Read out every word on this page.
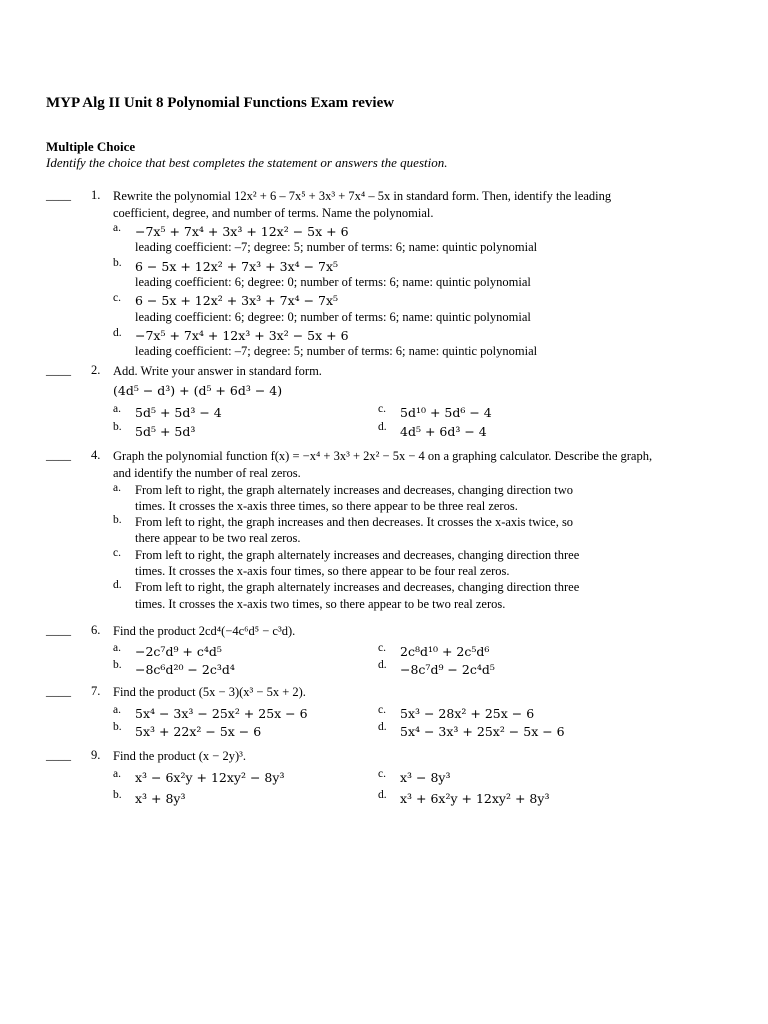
MYP Alg II Unit 8 Polynomial Functions Exam review
Multiple Choice
Identify the choice that best completes the statement or answers the question.
____ 1. Rewrite the polynomial 12x² + 6 – 7x⁵ + 3x³ + 7x⁴ – 5x in standard form. Then, identify the leading
coefficient, degree, and number of terms. Name the polynomial.
a. −7x⁵ + 7x⁴ + 3x³ + 12x² − 5x + 6
leading coefficient: –7; degree: 5; number of terms: 6; name: quintic polynomial
b. 6 − 5x + 12x² + 7x³ + 3x⁴ − 7x⁵
leading coefficient: 6; degree: 0; number of terms: 6; name: quintic polynomial
c. 6 − 5x + 12x² + 3x³ + 7x⁴ − 7x⁵
leading coefficient: 6; degree: 0; number of terms: 6; name: quintic polynomial
d. −7x⁵ + 7x⁴ + 12x³ + 3x² − 5x + 6
leading coefficient: –7; degree: 5; number of terms: 6; name: quintic polynomial
____ 2. Add. Write your answer in standard form.
(4d⁵ − d³) + (d⁵ + 6d³ − 4)
a. 5d⁵ + 5d³ − 4
b. 5d⁵ + 5d³
c. 5d¹⁰ + 5d⁶ − 4
d. 4d⁵ + 6d³ − 4
____ 4. Graph the polynomial function f(x) = −x⁴ + 3x³ + 2x² − 5x − 4 on a graphing calculator. Describe the graph,
and identify the number of real zeros.
a. From left to right, the graph alternately increases and decreases, changing direction two
times. It crosses the x-axis three times, so there appear to be three real zeros.
b. From left to right, the graph increases and then decreases. It crosses the x-axis twice, so
there appear to be two real zeros.
c. From left to right, the graph alternately increases and decreases, changing direction three
times. It crosses the x-axis four times, so there appear to be four real zeros.
d. From left to right, the graph alternately increases and decreases, changing direction three
times. It crosses the x-axis two times, so there appear to be two real zeros.
____ 6. Find the product 2cd⁴(−4c⁶d⁵ − c³d).
a. −2c⁷d⁹ + c⁴d⁵
b. −8c⁶d²⁰ − 2c³d⁴
c. 2c⁸d¹⁰ + 2c⁵d⁶
d. −8c⁷d⁹ − 2c⁴d⁵
____ 7. Find the product (5x − 3)(x³ − 5x + 2).
a. 5x⁴ − 3x³ − 25x² + 25x − 6
b. 5x³ + 22x² − 5x − 6
c. 5x³ − 28x² + 25x − 6
d. 5x⁴ − 3x³ + 25x² − 5x − 6
____ 9. Find the product (x − 2y)³.
a. x³ − 6x²y + 12xy² − 8y³
b. x³ + 8y³
c. x³ − 8y³
d. x³ + 6x²y + 12xy² + 8y³
